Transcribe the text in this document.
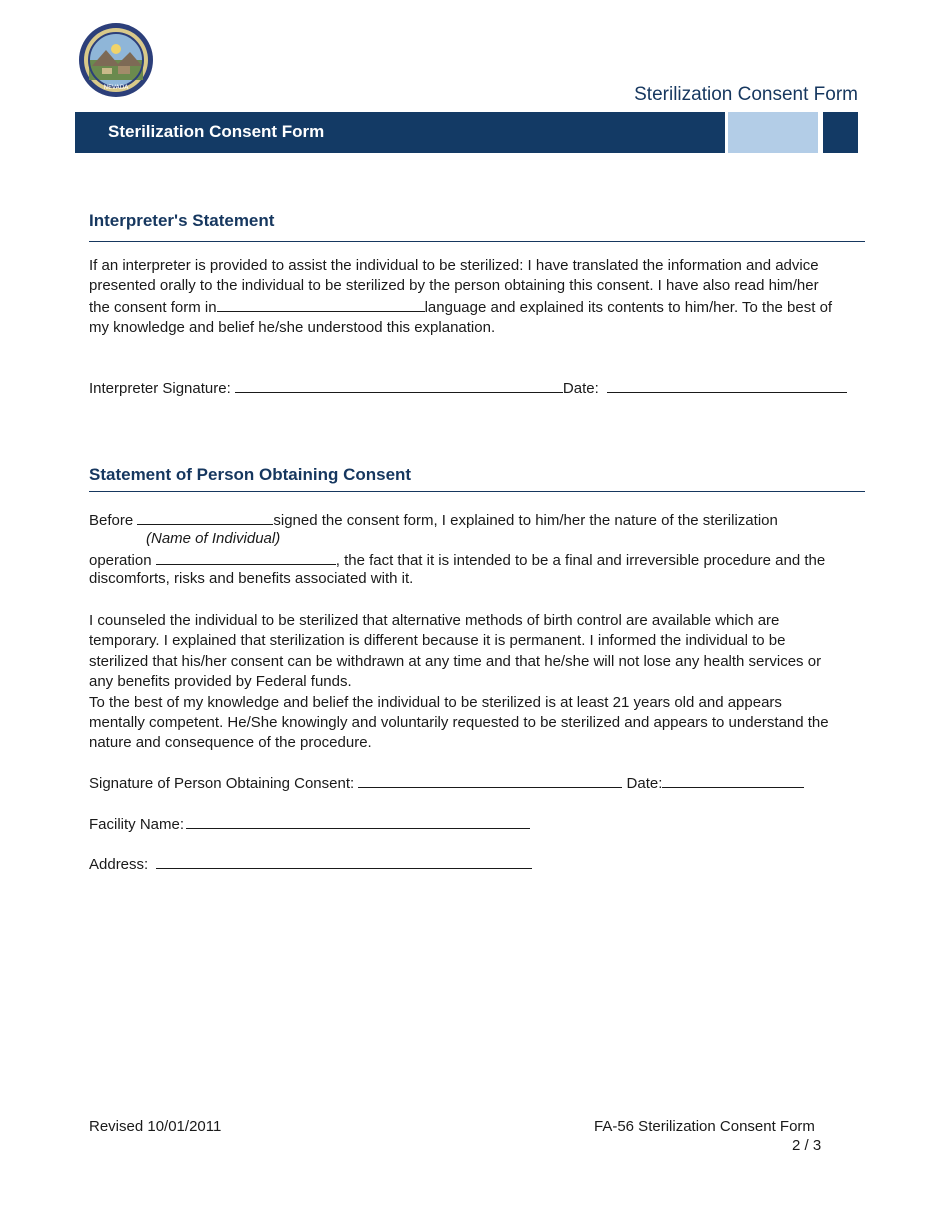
NEVADA	Sterilization Consent Form
Sterilization Consent Form
Interpreter's Statement
If an interpreter is provided to assist the individual to be sterilized: I have translated the information and advice
presented orally to the individual to be sterilized by the person obtaining this consent. I have also read him/her
the consent form in	language and explained its contents to him/her. To the best of
my knowledge and belief he/she understood this explanation.
Interpreter Signature:	Date:
Statement of Person Obtaining Consent
Before	signed the consent form, I explained to him/her the nature of the sterilization
(Name of Individual)
operation	, the fact that it is intended to be a final and irreversible procedure and the
discomforts, risks and benefits associated with it.
I counseled the individual to be sterilized that alternative methods of birth control are available which are
temporary. I explained that sterilization is different because it is permanent. I informed the individual to be
sterilized that his/her consent can be withdrawn at any time and that he/she will not lose any health services or
any benefits provided by Federal funds.
To the best of my knowledge and belief the individual to be sterilized is at least 21 years old and appears
mentally competent. He/She knowingly and voluntarily requested to be sterilized and appears to understand the
nature and consequence of the procedure.
Signature of Person Obtaining Consent:	Date:
Facility Name:
Address:
Revised 10/01/2011	FA-56 Sterilization Consent Form
2 / 3
